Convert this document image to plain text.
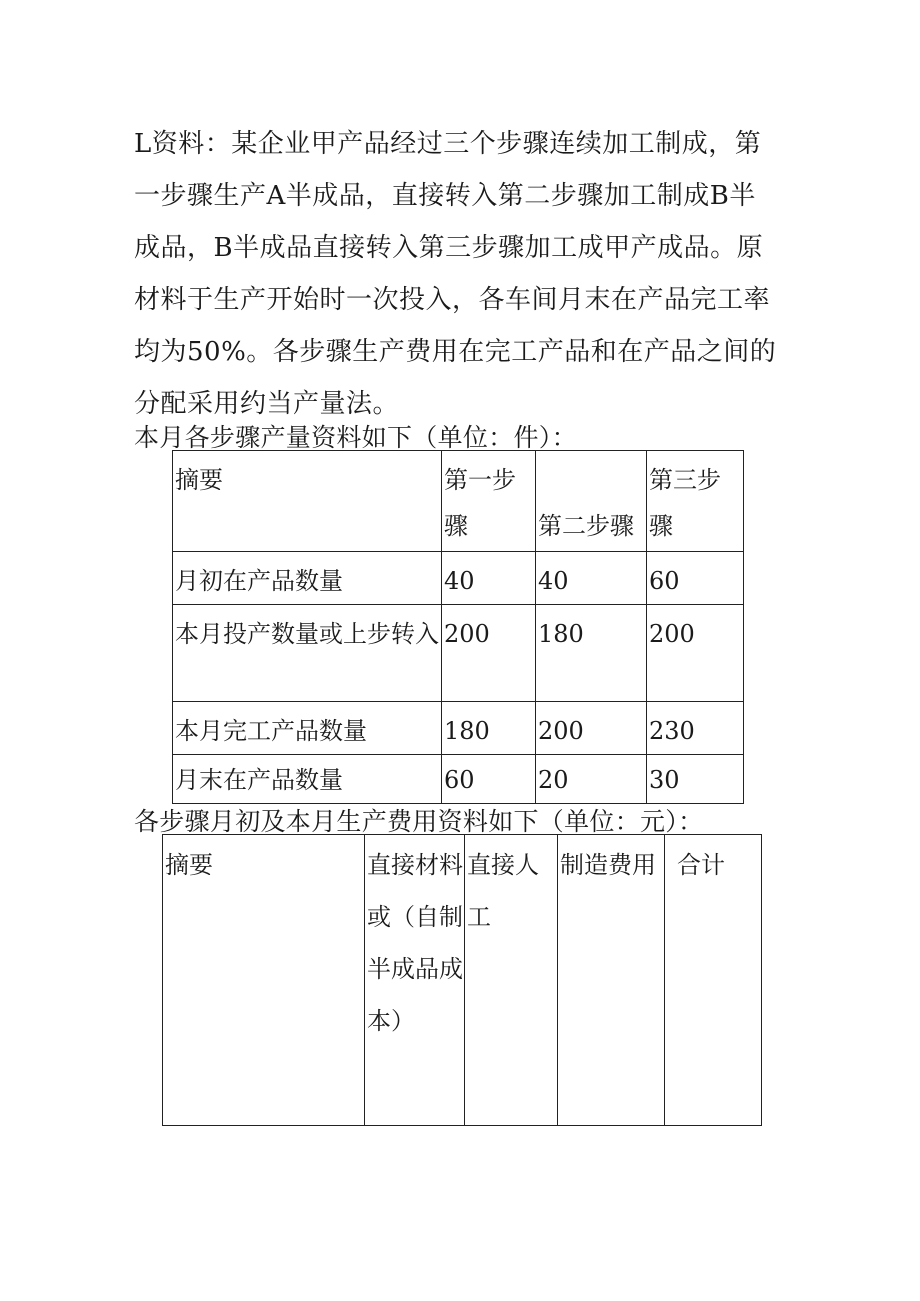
L资料：某企业甲产品经过三个步骤连续加工制成，第
一步骤生产A半成品，直接转入第二步骤加工制成B半
成品，B半成品直接转入第三步骤加工成甲产成品。原
材料于生产开始时一次投入，各车间月末在产品完工率
均为50%。各步骤生产费用在完工产品和在产品之间的
分配采用约当产量法。
本月各步骤产量资料如下（单位：件）：
摘要	第一步骤	第二步骤	第三步骤
月初在产品数量	40	40	60
本月投产数量或上步转入	200	180	200
本月完工产品数量	180	200	230
月末在产品数量	60	20	30
各步骤月初及本月生产费用资料如下（单位：元）：
摘要	直接材料或（自制半成品成本）	直接人工	制造费用	合计
